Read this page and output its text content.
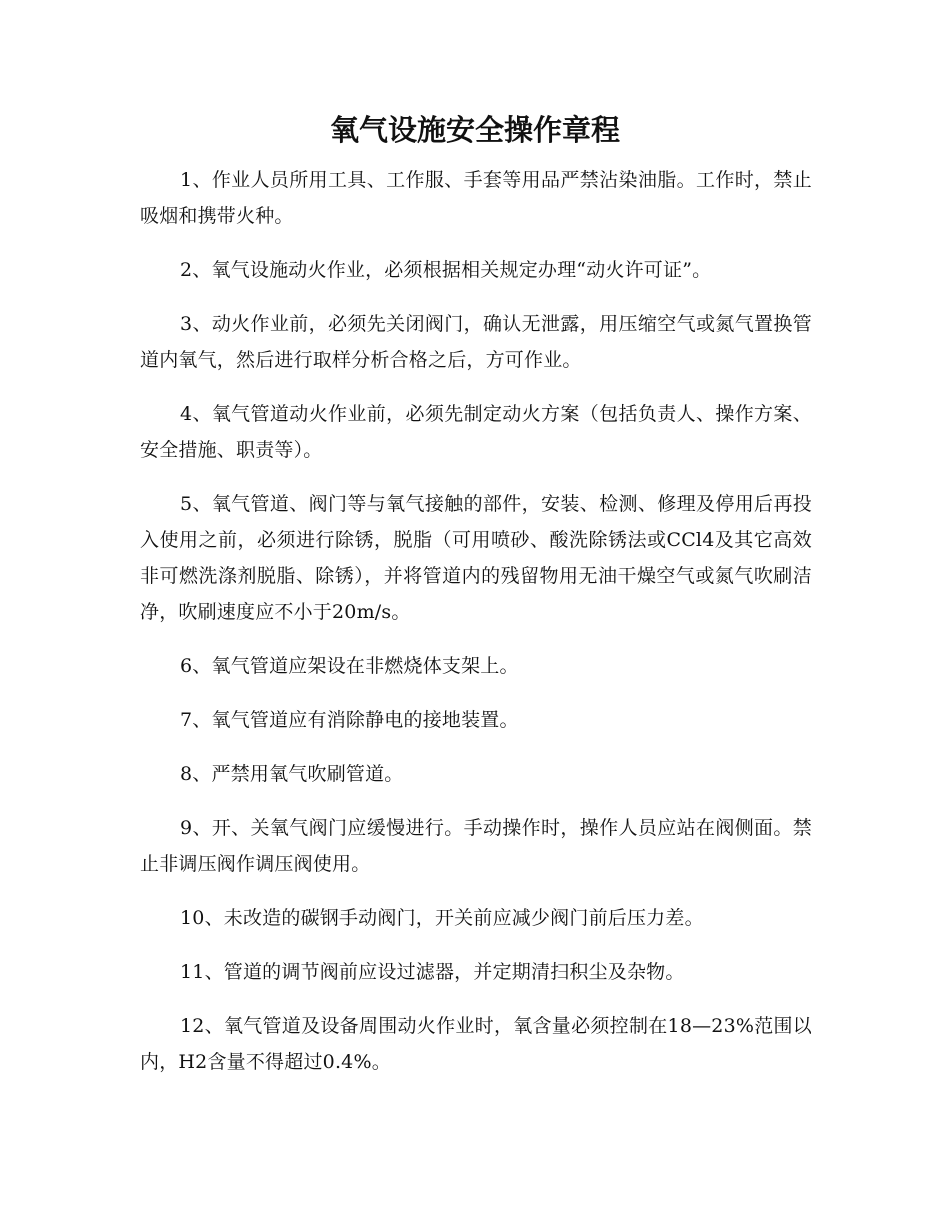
氧气设施安全操作章程

1、作业人员所用工具、工作服、手套等用品严禁沾染油脂。工作时，禁止吸烟和携带火种。

2、氧气设施动火作业，必须根据相关规定办理“动火许可证”。

3、动火作业前，必须先关闭阀门，确认无泄露，用压缩空气或氮气置换管道内氧气，然后进行取样分析合格之后，方可作业。

4、氧气管道动火作业前，必须先制定动火方案（包括负责人、操作方案、安全措施、职责等）。

5、氧气管道、阀门等与氧气接触的部件，安装、检测、修理及停用后再投入使用之前，必须进行除锈，脱脂（可用喷砂、酸洗除锈法或CCl4及其它高效非可燃洗涤剂脱脂、除锈），并将管道内的残留物用无油干燥空气或氮气吹刷洁净，吹刷速度应不小于20m/s。

6、氧气管道应架设在非燃烧体支架上。

7、氧气管道应有消除静电的接地装置。

8、严禁用氧气吹刷管道。

9、开、关氧气阀门应缓慢进行。手动操作时，操作人员应站在阀侧面。禁止非调压阀作调压阀使用。

10、未改造的碳钢手动阀门，开关前应减少阀门前后压力差。

11、管道的调节阀前应设过滤器，并定期清扫积尘及杂物。

12、氧气管道及设备周围动火作业时，氧含量必须控制在18—23%范围以内，H2含量不得超过0.4%。
